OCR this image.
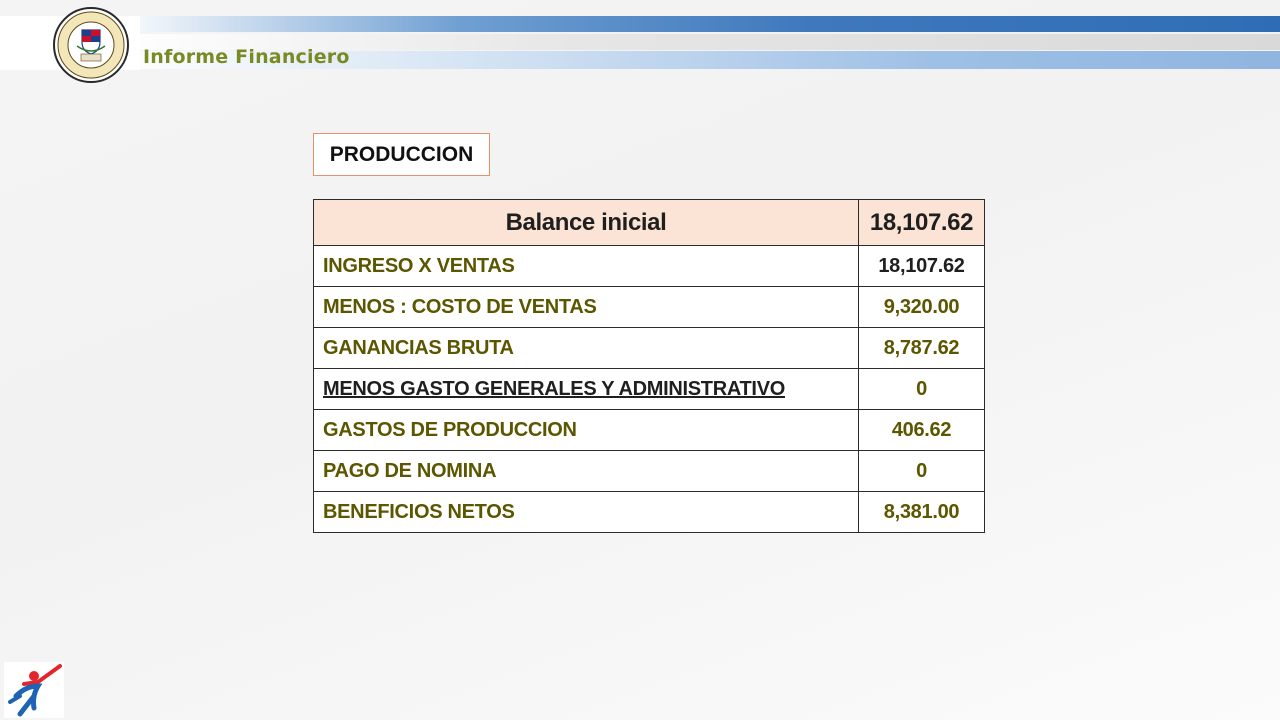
Informe Financiero
PRODUCCION
Balance inicial	18,107.62
INGRESO X VENTAS	18,107.62
MENOS : COSTO DE VENTAS	9,320.00
GANANCIAS BRUTA	8,787.62
MENOS GASTO GENERALES Y ADMINISTRATIVO	0
GASTOS DE PRODUCCION	406.62
PAGO DE NOMINA	0
BENEFICIOS NETOS	8,381.00
